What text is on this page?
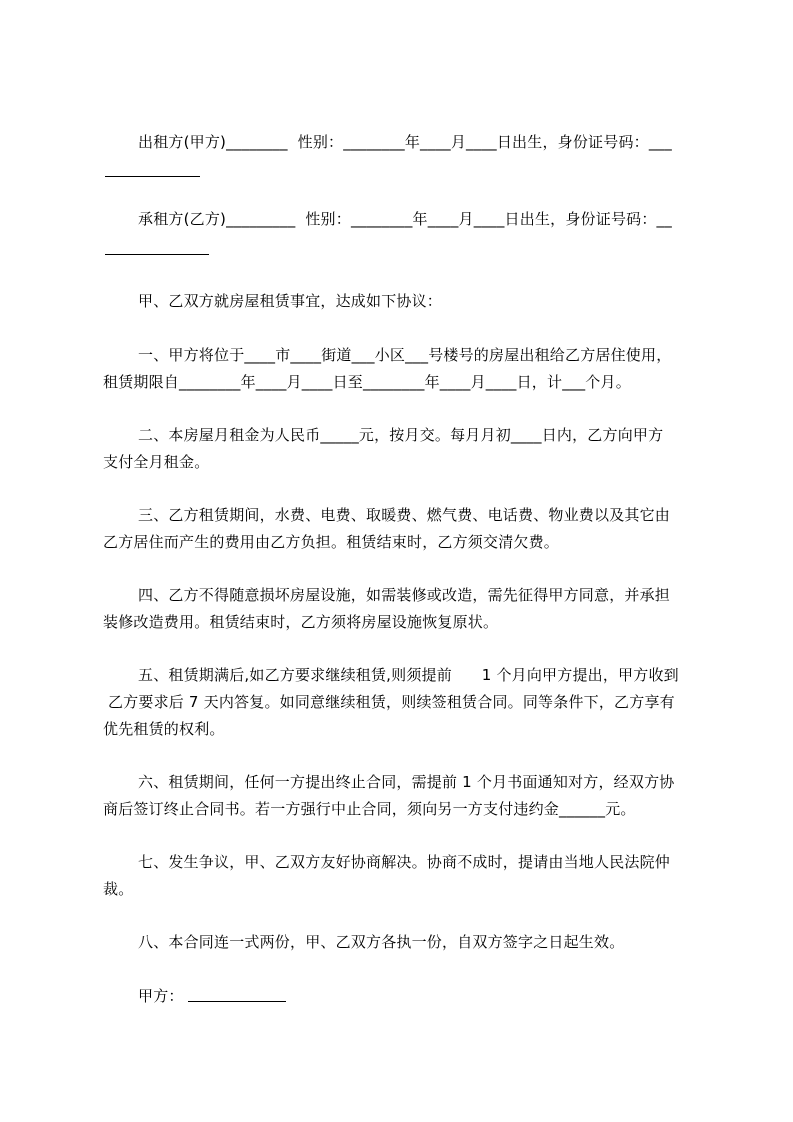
出租方(甲方)________  性别：________年____月____日出生，身份证号码：___
承租方(乙方)_________  性别：________年____月____日出生，身份证号码：__
甲、乙双方就房屋租赁事宜，达成如下协议：
一、甲方将位于____市____街道___小区___号楼号的房屋出租给乙方居住使用，
租赁期限自________年____月____日至________年____月____日，计___个月。
二、本房屋月租金为人民币_____元，按月交。每月月初____日内，乙方向甲方
支付全月租金。
三、乙方租赁期间，水费、电费、取暖费、燃气费、电话费、物业费以及其它由
乙方居住而产生的费用由乙方负担。租赁结束时，乙方须交清欠费。
四、乙方不得随意损坏房屋设施，如需装修或改造，需先征得甲方同意，并承担
装修改造费用。租赁结束时，乙方须将房屋设施恢复原状。
五、租赁期满后,如乙方要求继续租赁,则须提前      1 个月向甲方提出，甲方收到
乙方要求后 7 天内答复。如同意继续租赁，则续签租赁合同。同等条件下，乙方享有
优先租赁的权利。
六、租赁期间，任何一方提出终止合同，需提前 1 个月书面通知对方，经双方协
商后签订终止合同书。若一方强行中止合同，须向另一方支付违约金______元。
七、发生争议，甲、乙双方友好协商解决。协商不成时，提请由当地人民法院仲
裁。
八、本合同连一式两份，甲、乙双方各执一份，自双方签字之日起生效。
甲方：
